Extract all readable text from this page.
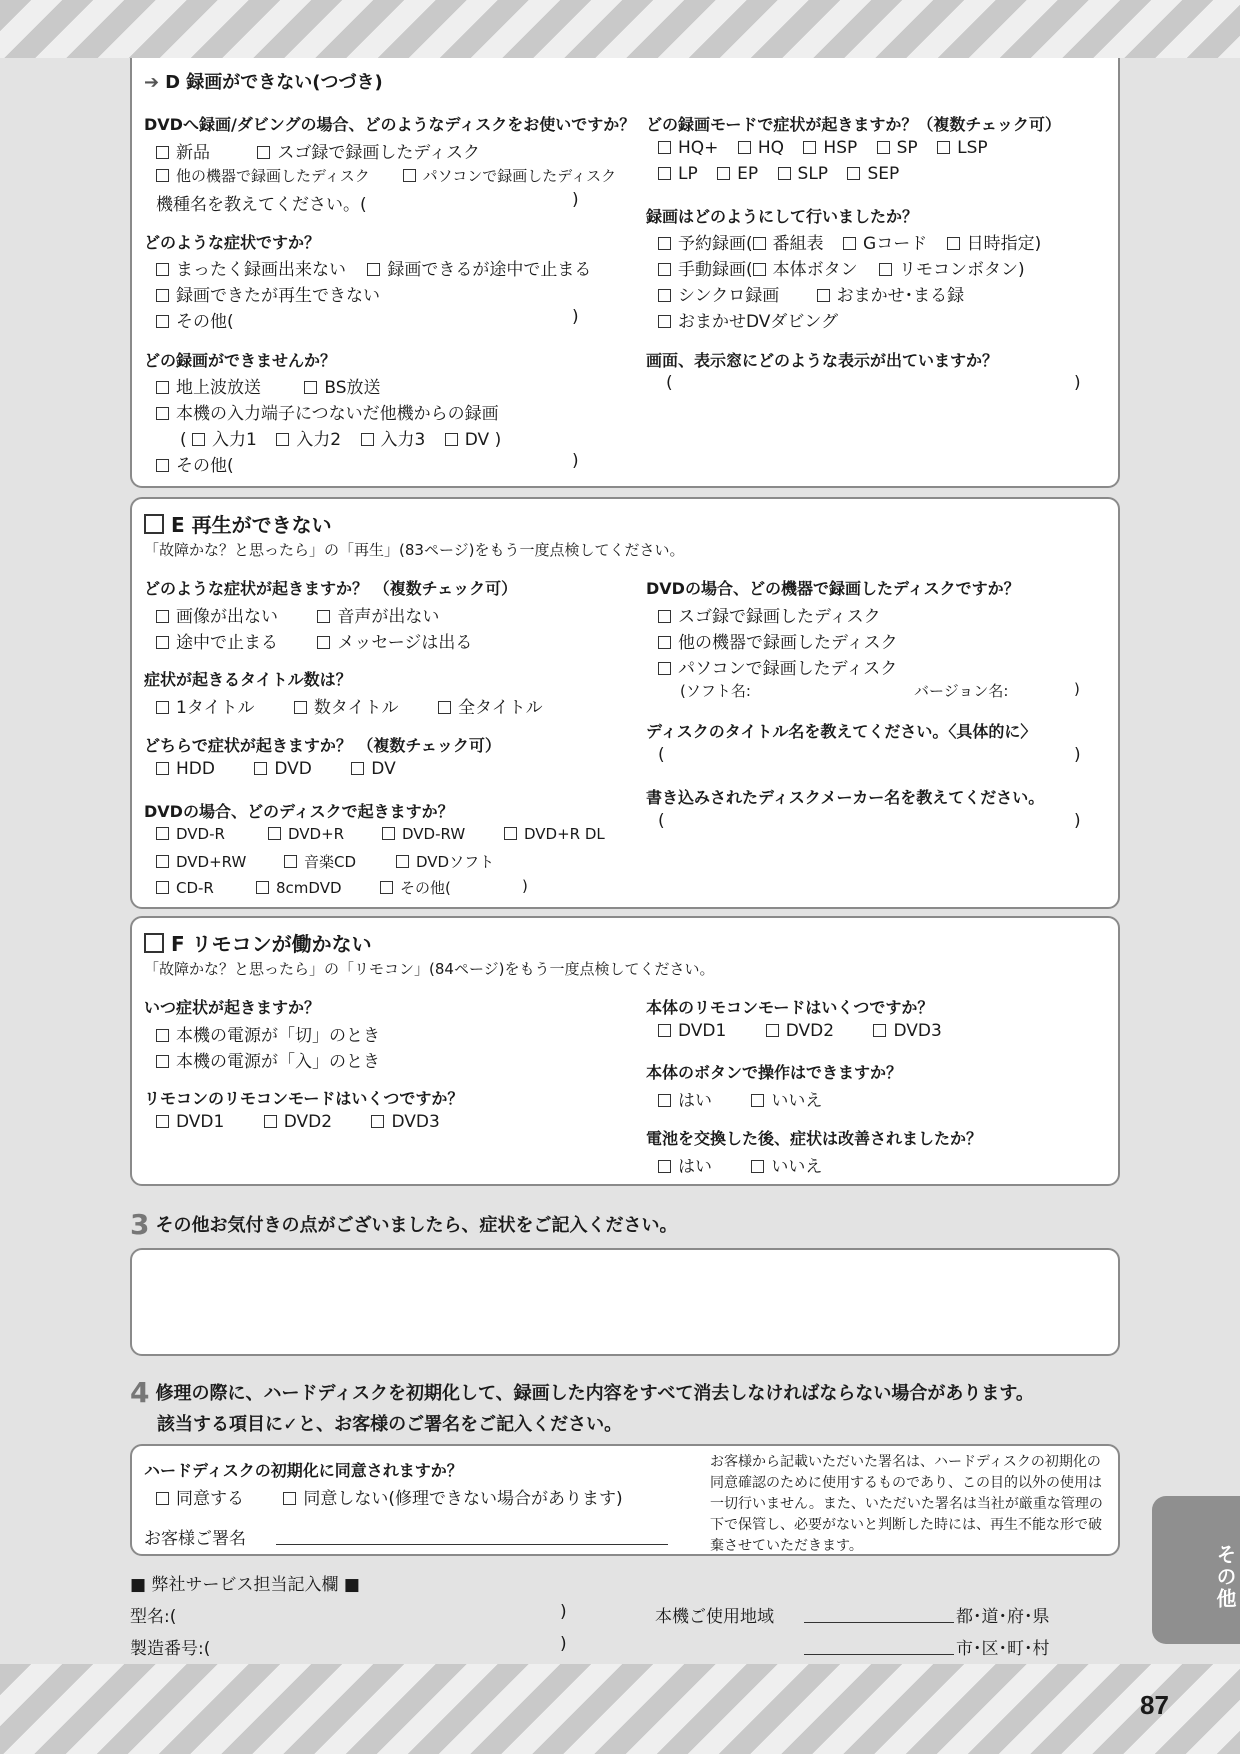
➔ D 録画ができない(つづき)
DVDへ録画/ダビングの場合、どのようなディスクをお使いですか？
新品	スゴ録で録画したディスク
他の機器で録画したディスク	パソコンで録画したディスク
機種名を教えてください。(	)
どのような症状ですか？
まったく録画出来ない 録画できるが途中で止まる
録画できたが再生できない
その他(	)
どの録画ができませんか？
地上波放送	BS放送
本機の入力端子につないだ他機からの録画
( 入力1 入力2 入力3 DV )
その他(	)
どの録画モードで症状が起きますか？（複数チェック可）
HQ+ HQ HSP SP LSP
LP EP SLP SEP
録画はどのようにして行いましたか？
予約録画( 番組表 Gコード 日時指定)
手動録画( 本体ボタン リモコンボタン)
シンクロ録画	おまかせ･まる録
おまかせDVダビング
画面、表示窓にどのような表示が出ていますか？
(	)
E 再生ができない
「故障かな？と思ったら」の「再生」(83ページ)をもう一度点検してください。
どのような症状が起きますか？ （複数チェック可）
画像が出ない	音声が出ない
途中で止まる	メッセージは出る
症状が起きるタイトル数は？
1タイトル	数タイトル	全タイトル
どちらで症状が起きますか？ （複数チェック可）
HDD	DVD	DV
DVDの場合、どのディスクで起きますか？
DVD-R	DVD+R	DVD-RW	DVD+R DL
DVD+RW	音楽CD	DVDソフト
CD-R	8cmDVD	その他(	)
DVDの場合、どの機器で録画したディスクですか？
スゴ録で録画したディスク
他の機器で録画したディスク
パソコンで録画したディスク
(ソフト名:	バージョン名:	)
ディスクのタイトル名を教えてください。〈具体的に〉
(	)
書き込みされたディスクメーカー名を教えてください。
(	)
F リモコンが働かない
「故障かな？と思ったら」の「リモコン」(84ページ)をもう一度点検してください。
いつ症状が起きますか？
本機の電源が「切」のとき
本機の電源が「入」のとき
リモコンのリモコンモードはいくつですか？
DVD1	DVD2	DVD3
本体のリモコンモードはいくつですか？
DVD1	DVD2	DVD3
本体のボタンで操作はできますか？
はい	いいえ
電池を交換した後、症状は改善されましたか？
はい	いいえ
3 その他お気付きの点がございましたら、症状をご記入ください。
4 修理の際に、ハードディスクを初期化して、録画した内容をすべて消去しなければならない場合があります。
該当する項目に✓と、お客様のご署名をご記入ください。
ハードディスクの初期化に同意されますか？
同意する	同意しない(修理できない場合があります)
お客様ご署名
お客様から記載いただいた署名は、ハードディスクの初期化の同意確認のために使用するものであり、この目的以外の使用は一切行いません。また、いただいた署名は当社が厳重な管理の下で保管し、必要がないと判断した時には、再生不能な形で破棄させていただきます。
■ 弊社サービス担当記入欄 ■
型名:(	)
製造番号:(	)
本機ご使用地域	都･道･府･県
市･区･町･村
その他
87
